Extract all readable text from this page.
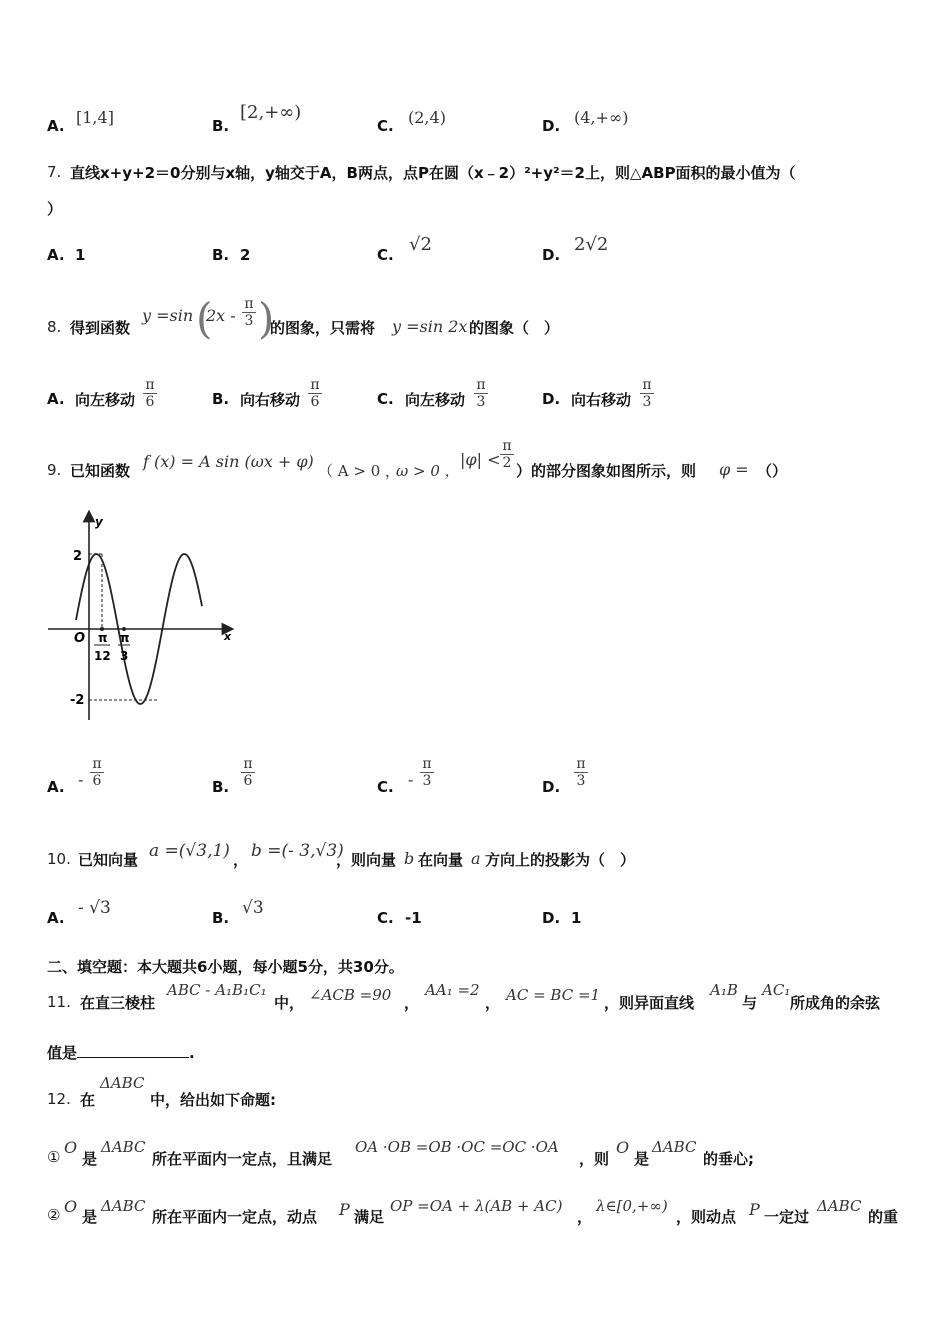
A. [1,4]	B.
[2,+∞)
C. (2,4)	D. (4,+∞)
7. 直线x+y+2＝0分别与x轴，y轴交于A，B两点，点P在圆（x﹣2）²+y²＝2上，则△ABP面积的最小值为（
）
A. 1	B. 2	C. √2	D. 2√2
8. 得到函数
y =sin (
$2x - \frac{\pi}{3}$ )
的图象，只需将 y =sin 2x 的图象（　）
A. 向左移动 $\frac{\pi}{6}$	B. 向右移动 $\frac{\pi}{6}$	C. 向左移动 $\frac{\pi}{3}$	D. 向右移动 $\frac{\pi}{3}$
9. 已知函数 f (x) = A sin (ωx + φ) （ A > 0 ，
ω > 0 ，
$|\varphi| < \frac{\pi}{2}$ ）的部分图象如图所示，则 φ = （）
y
x
O
2
-2
π
12
π
3
A. - $\frac{\pi}{6}$	B. $\frac{\pi}{6}$	C. - $\frac{\pi}{3}$	D. $\frac{\pi}{3}$
10. 已知向量 a =(√3,1) ， b =(- 3,√3)
，则向量 b 在向量 a 方向上的投影为（　）
A. - √3	B. √3	C. -1	D. 1
二、填空题：本大题共6小题，每小题5分，共30分。
11. 在直三棱柱
ABC - A₁B₁C₁
中， ∠ACB =90 ，
AA₁ =2
， AC = BC =1 ，则异面直线
A₁B
与
AC₁
所成角的余弦
值是	.
12. 在
ΔABC
中，给出如下命题:
① O
是
ΔABC
所在平面内一定点，且满足
OA ·OB =OB ·OC =OC ·OA
，则
O
是
ΔABC
的垂心;
② O
是
ΔABC
所在平面内一定点，动点 P 满足
OP =OA + λ(AB + AC)
，
λ∈[0,+∞)
，则动点 P 一定过
ΔABC
的重
